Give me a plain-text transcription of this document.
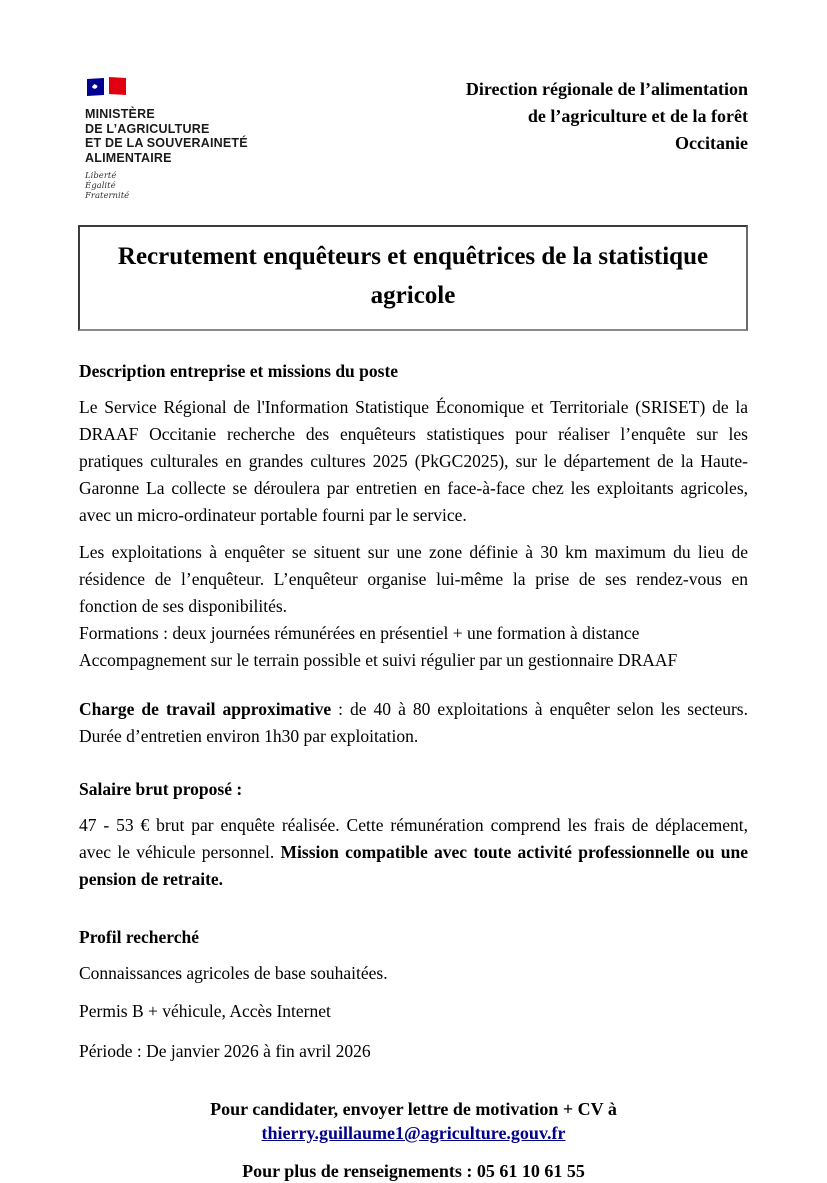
MINISTÈRE
DE L’AGRICULTURE
ET DE LA SOUVERAINETÉ
ALIMENTAIRE
Liberté
Égalité
Fraternité
Direction régionale de l’alimentation
de l’agriculture et de la forêt
Occitanie
Recrutement enquêteurs et enquêtrices de la statistique agricole
Description entreprise et missions du poste

Le Service Régional de l'Information Statistique Économique et Territoriale (SRISET) de la DRAAF Occitanie recherche des enquêteurs statistiques pour réaliser l’enquête sur les pratiques culturales en grandes cultures 2025 (PkGC2025), sur le département de la Haute-Garonne La collecte se déroulera par entretien en face-à-face chez les exploitants agricoles, avec un micro-ordinateur portable fourni par le service.

Les exploitations à enquêter se situent sur une zone définie à 30 km maximum du lieu de résidence de l’enquêteur. L’enquêteur organise lui-même la prise de ses rendez-vous en fonction de ses disponibilités.
Formations : deux journées rémunérées en présentiel + une formation à distance
Accompagnement sur le terrain possible et suivi régulier par un gestionnaire DRAAF

Charge de travail approximative : de 40 à 80 exploitations à enquêter selon les secteurs. Durée d’entretien environ 1h30 par exploitation.

Salaire brut proposé :

47 - 53 € brut par enquête réalisée. Cette rémunération comprend les frais de déplacement, avec le véhicule personnel. Mission compatible avec toute activité professionnelle ou une pension de retraite.

Profil recherché

Connaissances agricoles de base souhaitées.

Permis B + véhicule, Accès Internet

Période : De janvier 2026 à fin avril 2026

Pour candidater, envoyer lettre de motivation + CV à
thierry.guillaume1@agriculture.gouv.fr
Pour plus de renseignements : 05 61 10 61 55
